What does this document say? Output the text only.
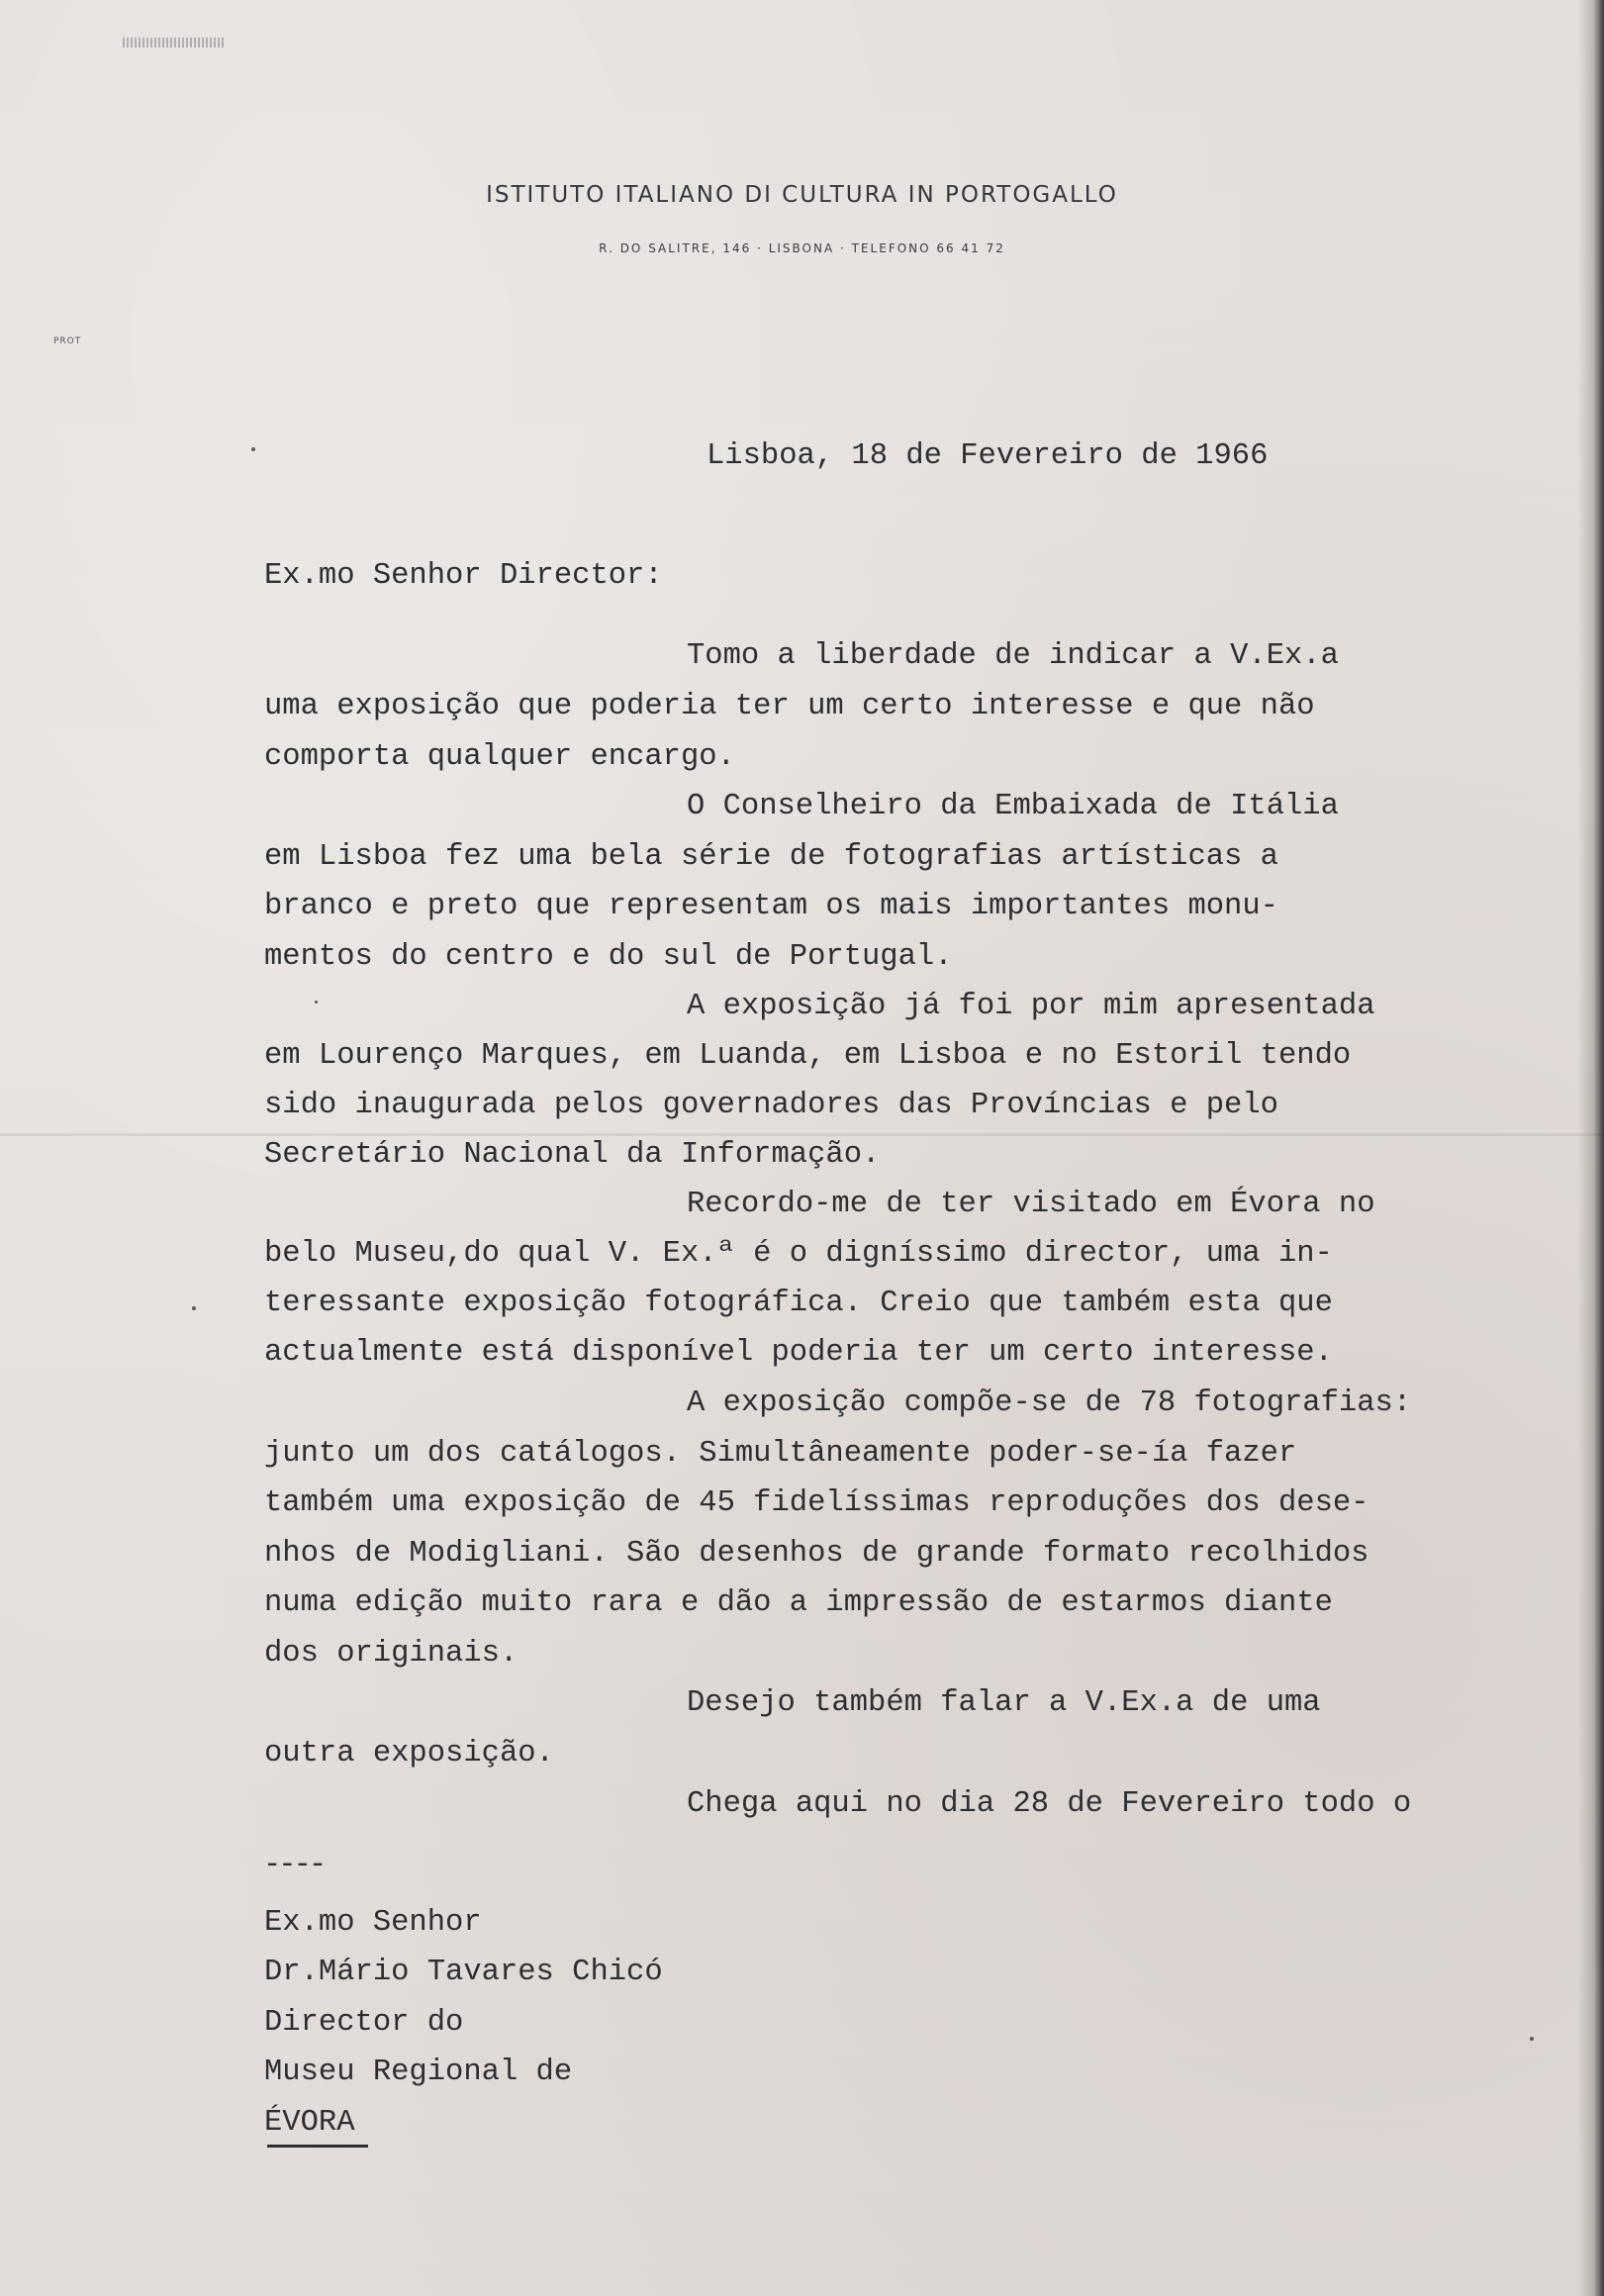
ISTITUTO ITALIANO DI CULTURA IN PORTOGALLO
R. DO SALITRE, 146 · LISBONA · TELEFONO 66 41 72
PROT
Lisboa, 18 de Fevereiro de 1966
Ex.mo Senhor Director:

Tomo a liberdade de indicar a V.Ex.a

uma exposição que poderia ter um certo interesse e que não

comporta qualquer encargo.

O Conselheiro da Embaixada de Itália

em Lisboa fez uma bela série de fotografias artísticas a

branco e preto que representam os mais importantes monu-

mentos do centro e do sul de Portugal.

A exposição já foi por mim apresentada

em Lourenço Marques, em Luanda, em Lisboa e no Estoril tendo

sido inaugurada pelos governadores das Províncias e pelo

Secretário Nacional da Informação.

Recordo-me de ter visitado em Évora no

belo Museu,do qual V. Ex.ª é o digníssimo director, uma in-

teressante exposição fotográfica. Creio que também esta que

actualmente está disponível poderia ter um certo interesse.

A exposição compõe-se de 78 fotografias:

junto um dos catálogos. Simultâneamente poder-se-ía fazer

também uma exposição de 45 fidelíssimas reproduções dos dese-

nhos de Modigliani. São desenhos de grande formato recolhidos

numa edição muito rara e dão a impressão de estarmos diante

dos originais.

Desejo também falar a V.Ex.a de uma

outra exposição.

Chega aqui no dia 28 de Fevereiro todo o

----

Ex.mo Senhor

Dr.Mário Tavares Chicó

Director do

Museu Regional de

ÉVORA
